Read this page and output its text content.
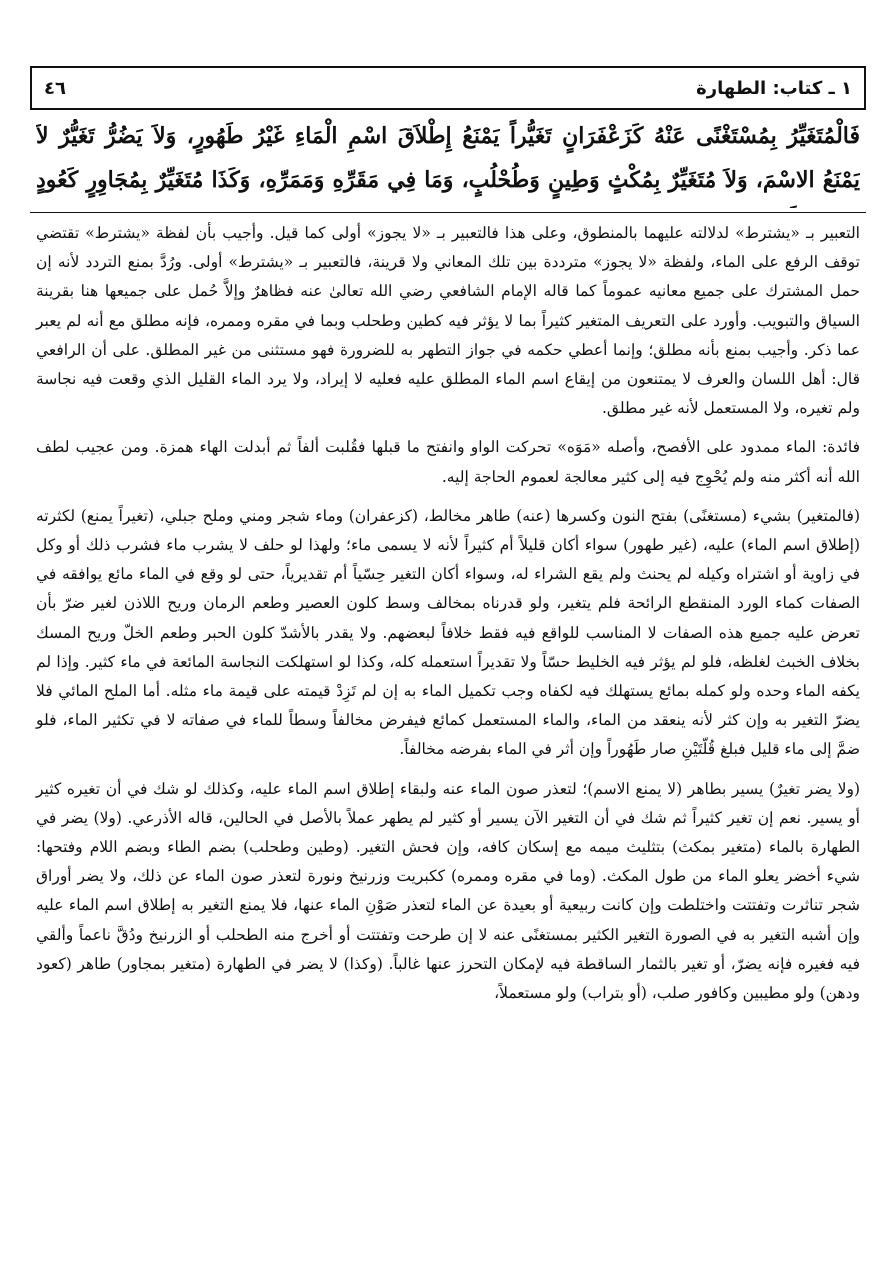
١ ـ كتاب: الطهارة
٤٦
فَالْمُتَغَيِّرُ بِمُسْتَغْنًى عَنْهُ كَزَعْفَرَانٍ تَغَيُّراً يَمْنَعُ إِطْلاَقَ اسْمِ الْمَاءِ غَيْرُ طَهُورٍ، وَلاَ يَضُرُّ تَغَيُّرٌ لاَ يَمْنَعُ الاسْمَ، وَلاَ مُتَغَيِّرٌ بِمُكْثٍ وَطِينٍ وَطُحْلُبٍ، وَمَا فِي مَقَرِّهِ وَمَمَرِّهِ، وَكَذَا مُتَغَيِّرٌ بِمُجَاوِرٍ كَعُودٍ
التعبير بـ «يشترط» لدلالته عليهما بالمنطوق، وعلى هذا فالتعبير بـ «لا يجوز» أولى كما قيل. وأجيب بأن لفظة «يشترط» تقتضي توقف الرفع على الماء، ولفظة «لا يجوز» مترددة بين تلك المعاني ولا قرينة، فالتعبير بـ «يشترط» أولى. ورُدَّ بمنع التردد لأنه إن حمل المشترك على جميع معانيه عموماً كما قاله الإمام الشافعي رضي الله تعالىٰ عنه فظاهرٌ وإلاَّ حُمل على جميعها هنا بقرينة السياق والتبويب. وأورد على التعريف المتغير كثيراً بما لا يؤثر فيه كطين وطحلب وبما في مقره وممره، فإنه مطلق مع أنه لم يعبر عما ذكر. وأجيب بمنع بأنه مطلق؛ وإنما أعطي حكمه في جواز التطهر به للضرورة فهو مستثنى من غير المطلق. على أن الرافعي قال: أهل اللسان والعرف لا يمتنعون من إيقاع اسم الماء المطلق عليه فعليه لا إيراد، ولا يرد الماء القليل الذي وقعت فيه نجاسة ولم تغيره، ولا المستعمل لأنه غير مطلق.
فائدة: الماء ممدود على الأفصح، وأصله «مَوَه» تحركت الواو وانفتح ما قبلها فقُلبت ألفاً ثم أبدلت الهاء همزة. ومن عجيب لطف الله أنه أكثر منه ولم يُحْوِج فيه إلى كثير معالجة لعموم الحاجة إليه.
(فالمتغير) بشيء (مستغنًى) بفتح النون وكسرها (عنه) طاهر مخالط، (كزعفران) وماء شجر ومني وملح جبلي، (تغيراً يمنع) لكثرته (إطلاق اسم الماء) عليه، (غير طهور) سواء أكان قليلاً أم كثيراً لأنه لا يسمى ماء؛ ولهذا لو حلف لا يشرب ماء فشرب ذلك أو وكل في زاوية أو اشتراه وكيله لم يحنث ولم يقع الشراء له، وسواء أكان التغير حِسّياً أم تقديرياً، حتى لو وقع في الماء مائع يوافقه في الصفات كماء الورد المنقطع الرائحة فلم يتغير، ولو قدرناه بمخالف وسط كلون العصير وطعم الرمان وريح اللاذن لغير ضرّ بأن تعرض عليه جميع هذه الصفات لا المناسب للواقع فيه فقط خلافاً لبعضهم. ولا يقدر بالأشدّ كلون الحبر وطعم الخلّ وريح المسك بخلاف الخبث لغلظه، فلو لم يؤثر فيه الخليط حسّاً ولا تقديراً استعمله كله، وكذا لو استهلكت النجاسة المائعة في ماء كثير. وإذا لم يكفه الماء وحده ولو كمله بمائع يستهلك فيه لكفاه وجب تكميل الماء به إن لم تَزِدْ قيمته على قيمة ماء مثله. أما الملح المائي فلا يضرّ التغير به وإن كثر لأنه ينعقد من الماء، والماء المستعمل كمائع فيفرض مخالفاً وسطاً للماء في صفاته لا في تكثير الماء، فلو ضمَّ إلى ماء قليل فبلغ قُلّتَيْنِ صار طَهُوراً وإن أثر في الماء بفرضه مخالفاً.
(ولا يضر تغيرٌ) يسير بطاهر (لا يمنع الاسم)؛ لتعذر صون الماء عنه ولبقاء إطلاق اسم الماء عليه، وكذلك لو شك في أن تغيره كثير أو يسير. نعم إن تغير كثيراً ثم شك في أن التغير الآن يسير أو كثير لم يطهر عملاً بالأصل في الحالين، قاله الأذرعي. (ولا) يضر في الطهارة بالماء (متغير بمكث) بتثليث ميمه مع إسكان كافه، وإن فحش التغير. (وطين وطحلب) بضم الطاء وبضم اللام وفتحها: شيء أخضر يعلو الماء من طول المكث. (وما في مقره وممره) ككبريت وزرنيخ ونورة لتعذر صون الماء عن ذلك، ولا يضر أوراق شجر تناثرت وتفتتت واختلطت وإن كانت ربيعية أو بعيدة عن الماء لتعذر صَوْنِ الماء عنها، فلا يمنع التغير به إطلاق اسم الماء عليه وإن أشبه التغير به في الصورة التغير الكثير بمستغنًى عنه لا إن طرحت وتفتتت أو أخرج منه الطحلب أو الزرنيخ ودُقَّ ناعماً وألقي فيه فغيره فإنه يضرّ، أو تغير بالثمار الساقطة فيه لإمكان التحرز عنها غالباً. (وكذا) لا يضر في الطهارة (متغير بمجاور) طاهر (كعود ودهن) ولو مطيبين وكافور صلب، (أو بتراب) ولو مستعملاً،
